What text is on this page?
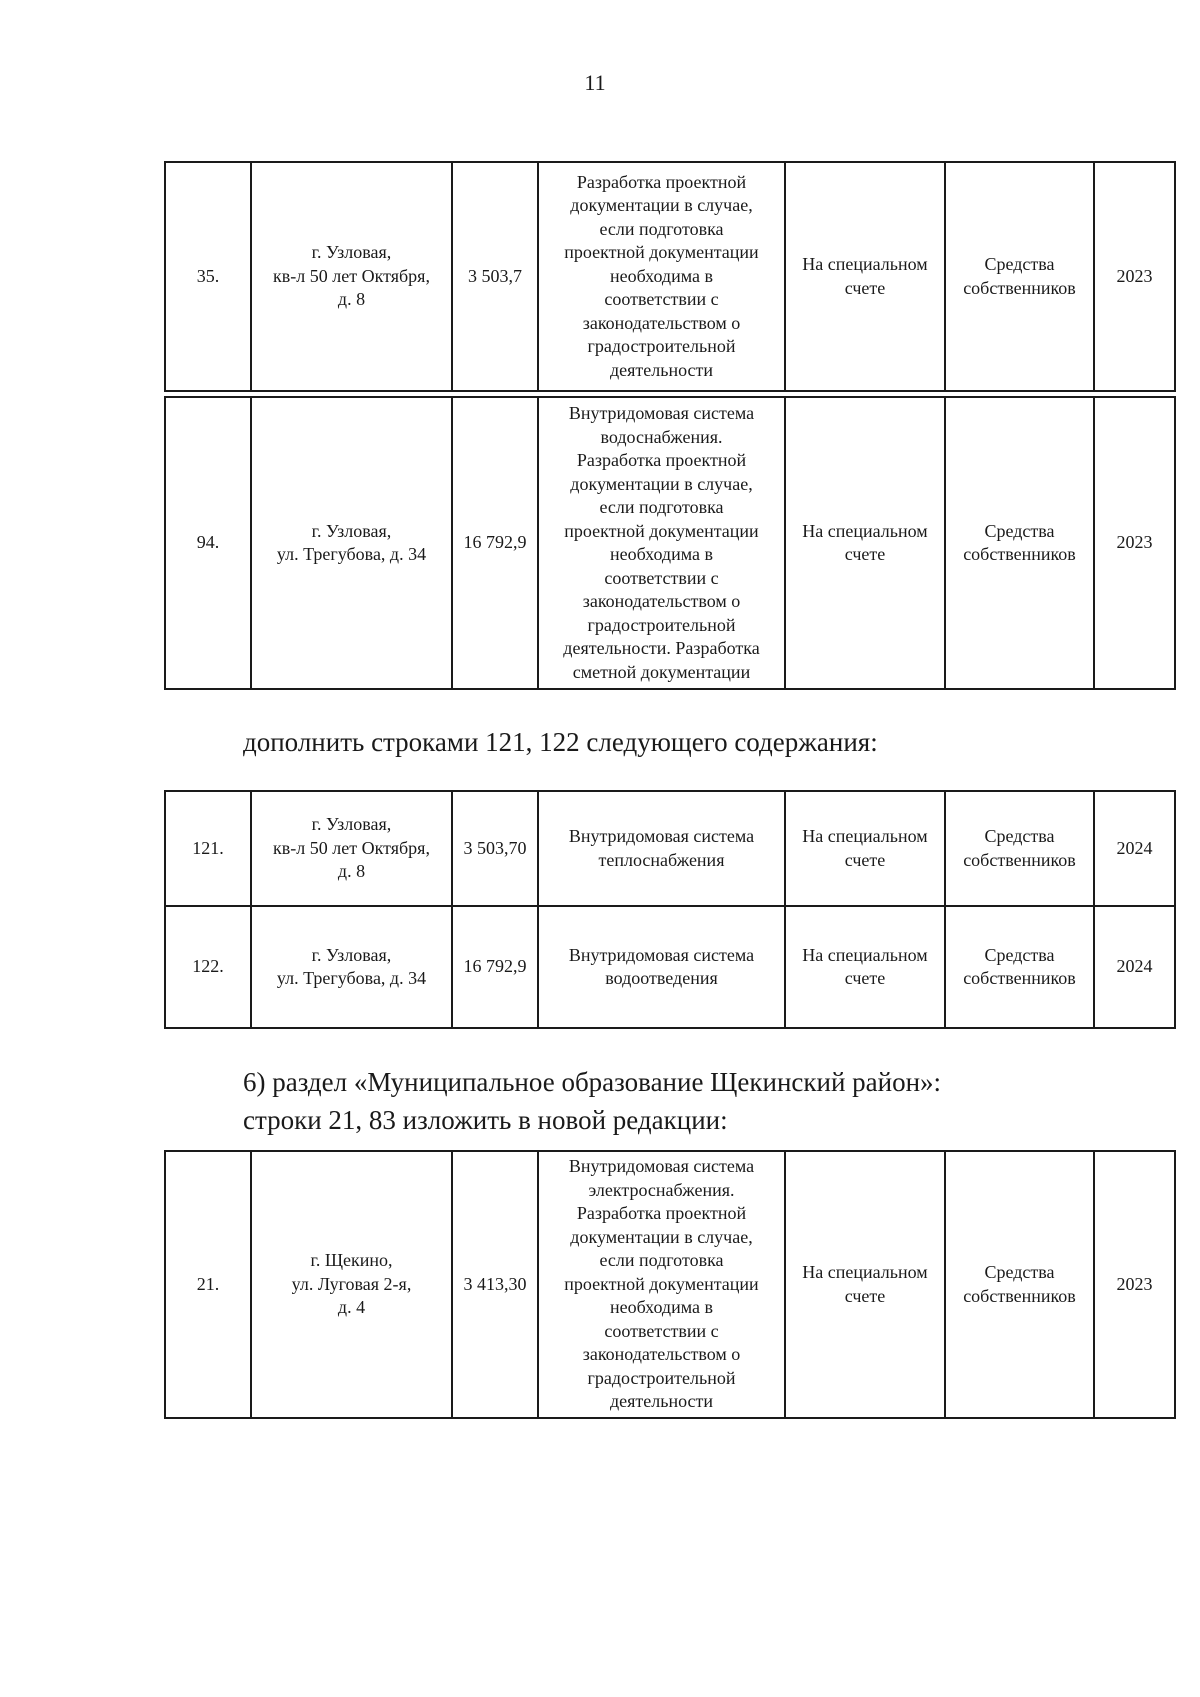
11
35.	г. Узловая,
кв-л 50 лет Октября,
д. 8	3 503,7	Разработка проектной
документации в случае,
если подготовка
проектной документации
необходима в
соответствии с
законодательством о
градостроительной
деятельности	На специальном
счете	Средства
собственников	2023
94.	г. Узловая,
ул. Трегубова, д. 34	16 792,9	Внутридомовая система
водоснабжения.
Разработка проектной
документации в случае,
если подготовка
проектной документации
необходима в
соответствии с
законодательством о
градостроительной
деятельности. Разработка
сметной документации	На специальном
счете	Средства
собственников	2023
дополнить строками 121, 122 следующего содержания:
121.	г. Узловая,
кв-л 50 лет Октября,
д. 8	3 503,70	Внутридомовая система
теплоснабжения	На специальном
счете	Средства
собственников	2024
122.	г. Узловая,
ул. Трегубова, д. 34	16 792,9	Внутридомовая система
водоотведения	На специальном
счете	Средства
собственников	2024
6) раздел «Муниципальное образование Щекинский район»:
строки 21, 83 изложить в новой редакции:
21.	г. Щекино,
ул. Луговая 2-я,
д. 4	3 413,30	Внутридомовая система
электроснабжения.
Разработка проектной
документации в случае,
если подготовка
проектной документации
необходима в
соответствии с
законодательством о
градостроительной
деятельности	На специальном
счете	Средства
собственников	2023
